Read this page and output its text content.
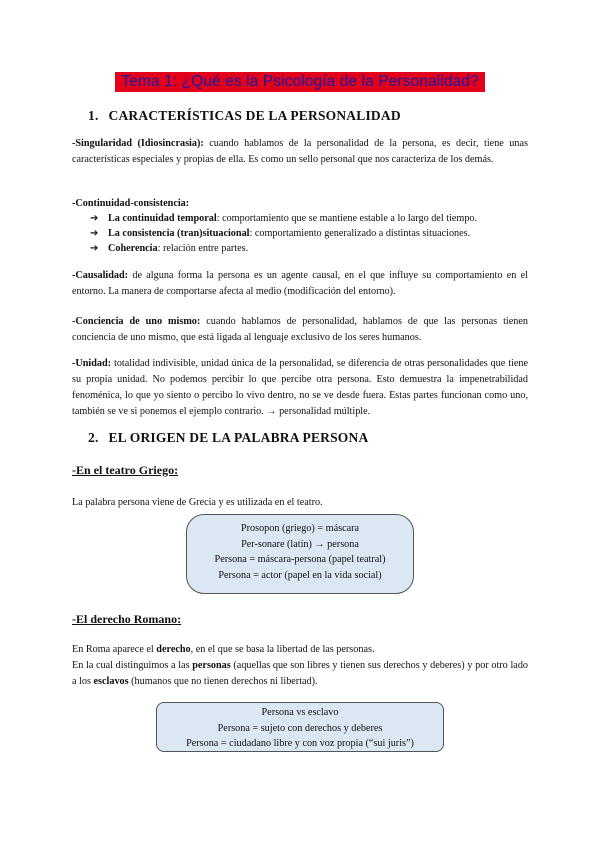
Tema 1: ¿Qué es la Psicología de la Personalidad?
1. CARACTERÍSTICAS DE LA PERSONALIDAD
-Singularidad (Idiosincrasia): cuando hablamos de la personalidad de la persona, es decir, tiene unas características especiales y propias de ella. Es como un sello personal que nos caracteriza de los demás.
-Continuidad-consistencia:
➔ La continuidad temporal: comportamiento que se mantiene estable a lo largo del tiempo.
➔ La consistencia (tran)situacional: comportamiento generalizado a distintas situaciones.
➔ Coherencia: relación entre partes.
-Causalidad: de alguna forma la persona es un agente causal, en el que influye su comportamiento en el entorno. La manera de comportarse afecta al medio (modificación del entorno).
-Conciencia de uno mismo: cuando hablamos de personalidad, hablamos de que las personas tienen conciencia de uno mismo, que está ligada al lenguaje exclusivo de los seres humanos.
-Unidad: totalidad indivisible, unidad única de la personalidad, se diferencia de otras personalidades que tiene su propia unidad. No podemos percibir lo que percibe otra persona. Esto demuestra la impenetrabilidad fenoménica, lo que yo siento o percibo lo vivo dentro, no se ve desde fuera. Estas partes funcionan como uno, también se ve si ponemos el ejemplo contrario. → personalidad múltiple.
2. EL ORIGEN DE LA PALABRA PERSONA
-En el teatro Griego:
La palabra persona viene de Grecia y es utilizada en el teatro.
Prosopon (griego) = máscara
Per-sonare (latín) → persona
Persona = máscara-persona (papel teatral)
Persona = actor (papel en la vida social)
-El derecho Romano:
En Roma aparece el derecho, en el que se basa la libertad de las personas.
En la cual distinguimos a las personas (aquellas que son libres y tienen sus derechos y deberes) y por otro lado a los esclavos (humanos que no tienen derechos ni libertad).
Persona vs esclavo
Persona = sujeto con derechos y deberes
Persona = ciudadano libre y con voz propia (“sui juris”)
